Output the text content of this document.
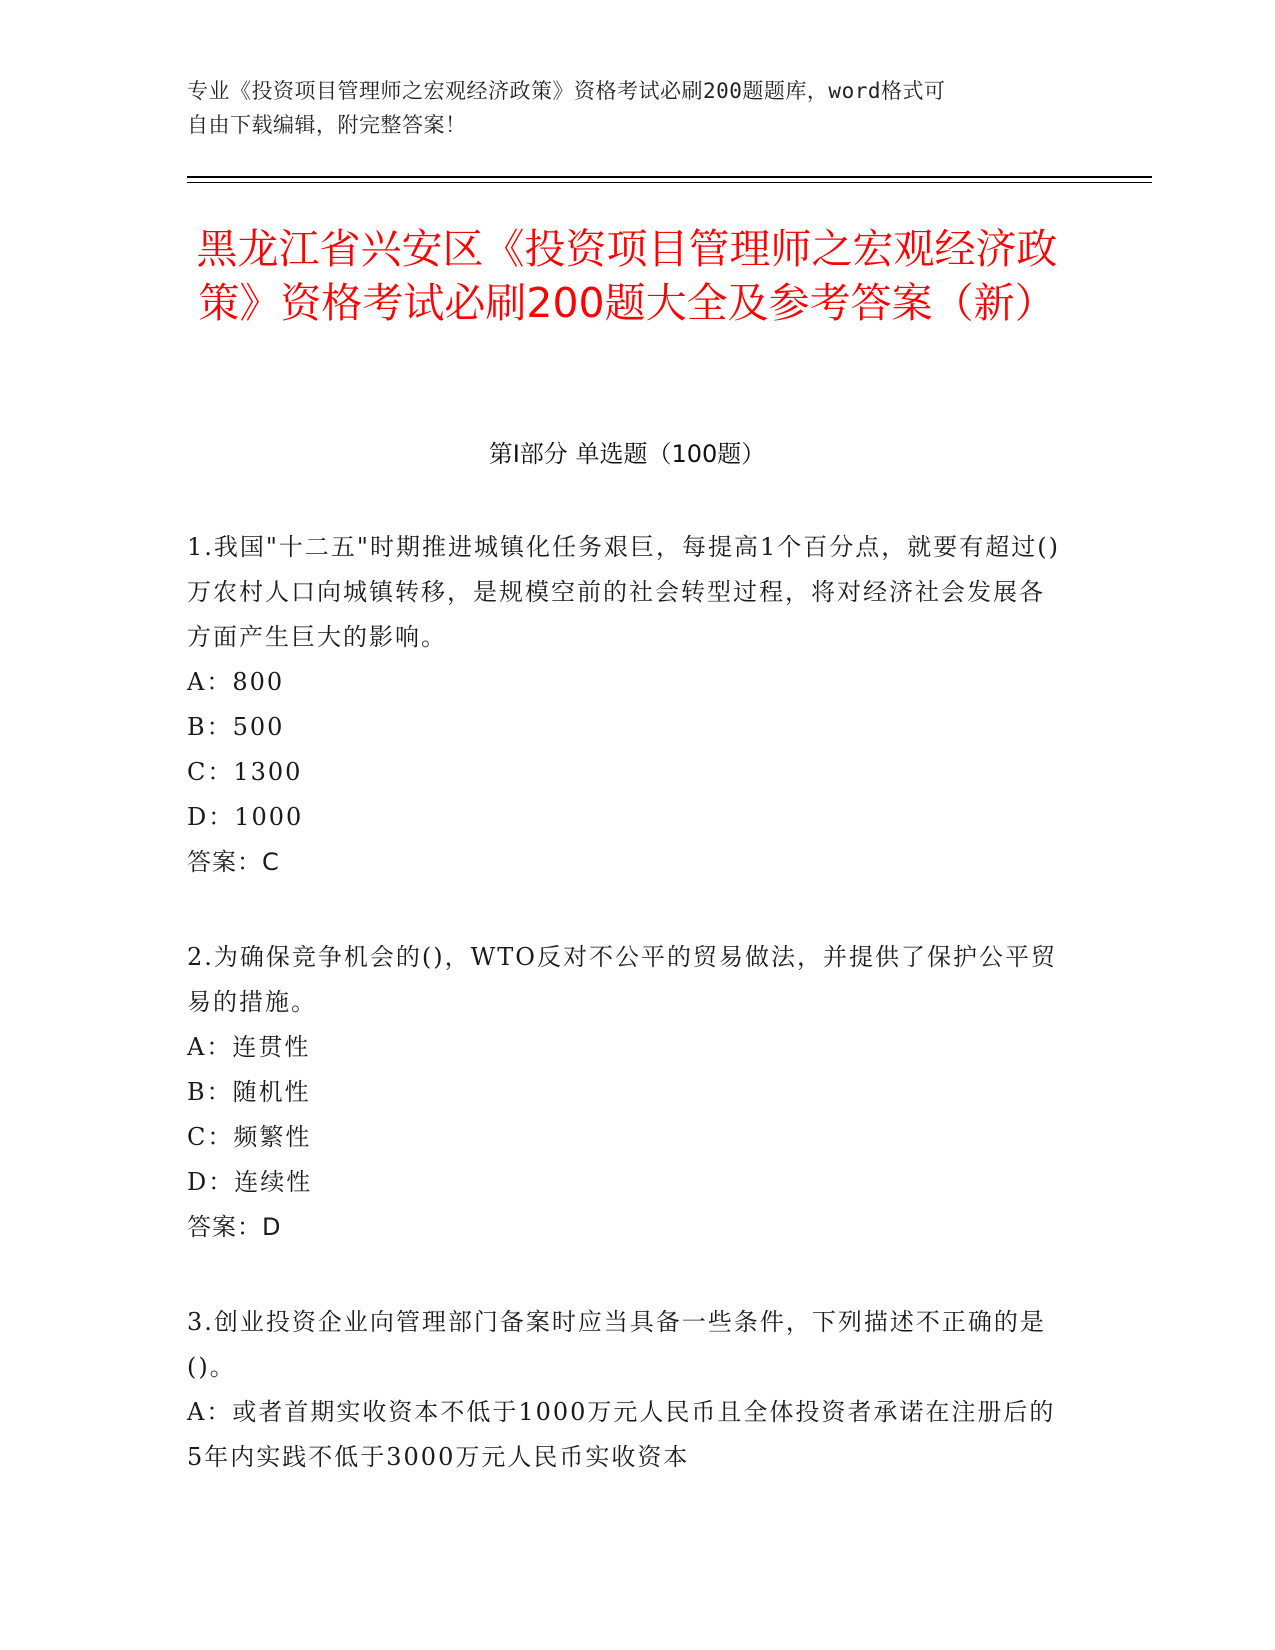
专业《投资项目管理师之宏观经济政策》资格考试必刷200题题库，word格式可
自由下载编辑，附完整答案！
黑龙江省兴安区《投资项目管理师之宏观经济政策》资格考试必刷200题大全及参考答案（新）
第Ⅰ部分 单选题（100题）

1.我国"十二五"时期推进城镇化任务艰巨，每提高1个百分点，就要有超过()万农村人口向城镇转移，是规模空前的社会转型过程，将对经济社会发展各方面产生巨大的影响。

A：800

B：500

C：1300

D：1000

答案：C

2.为确保竞争机会的()，WTO反对不公平的贸易做法，并提供了保护公平贸易的措施。

A：连贯性

B：随机性

C：频繁性

D：连续性

答案：D

3.创业投资企业向管理部门备案时应当具备一些条件，下列描述不正确的是()。

A：或者首期实收资本不低于1000万元人民币且全体投资者承诺在注册后的5年内实践不低于3000万元人民币实收资本
